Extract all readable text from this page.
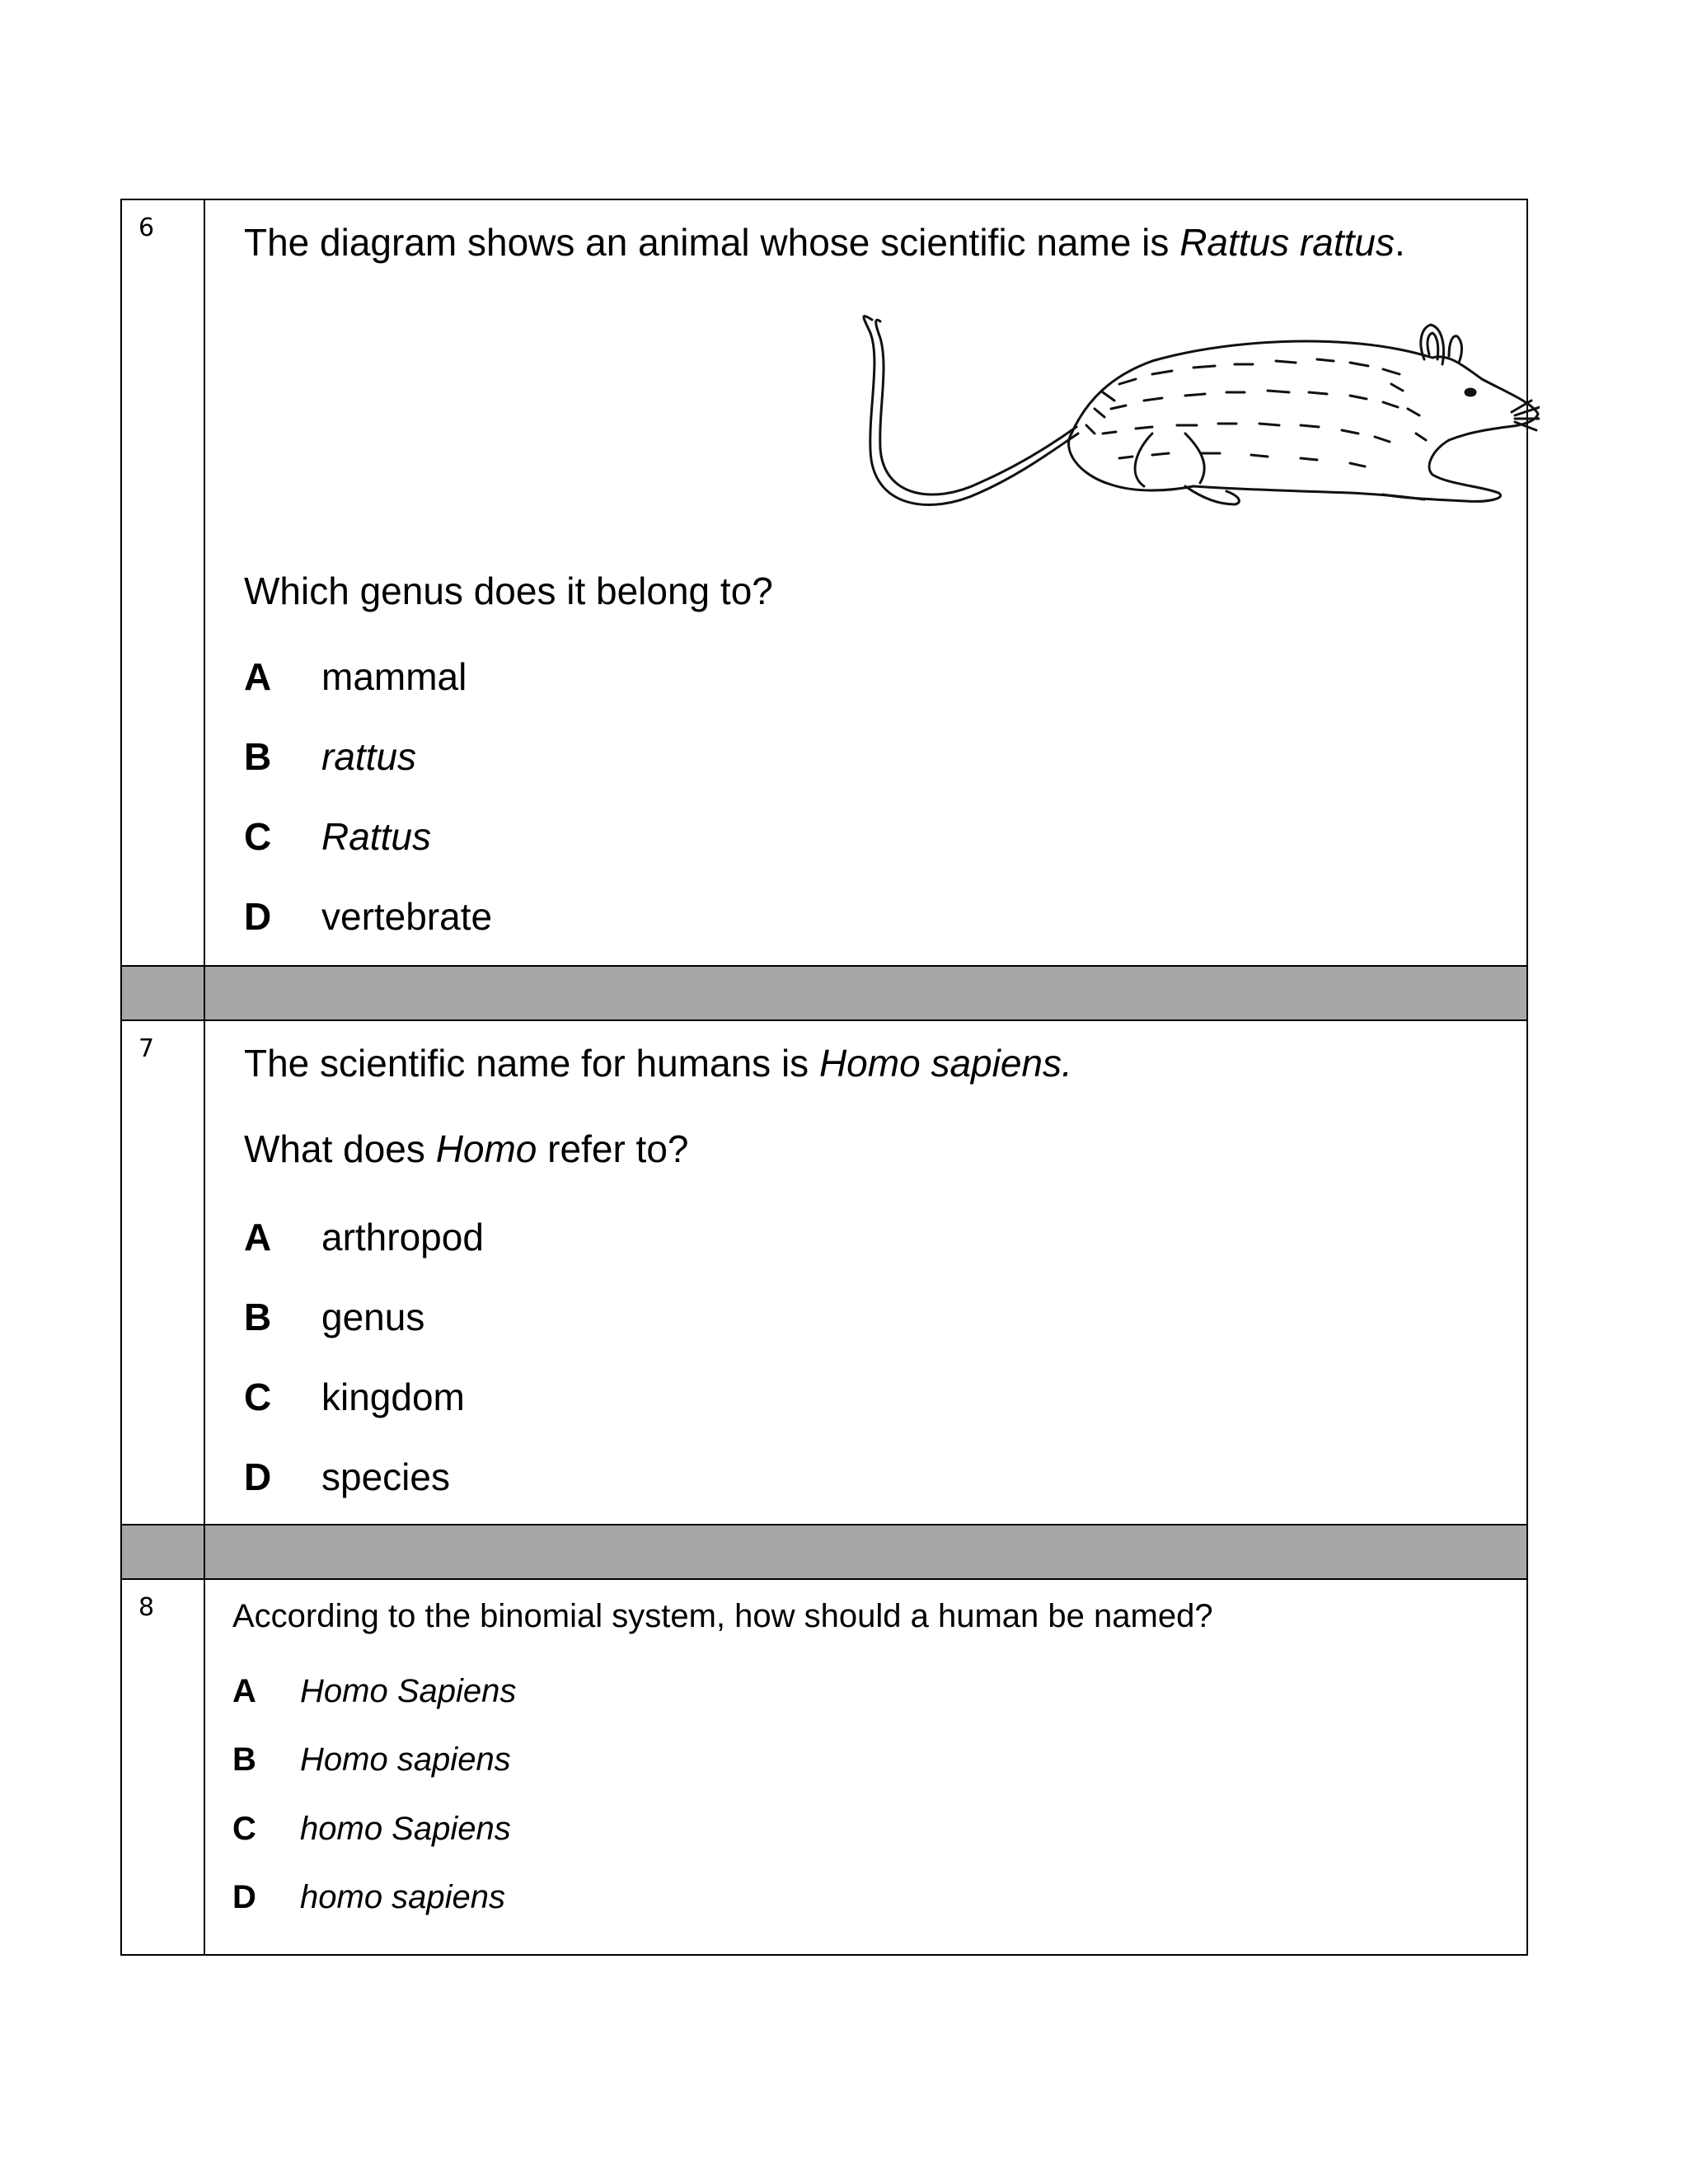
6 The diagram shows an animal whose scientific name is Rattus rattus.
Which genus does it belong to?
A mammal
B rattus
C Rattus
D vertebrate
7 The scientific name for humans is Homo sapiens.
What does Homo refer to?
A arthropod
B genus
C kingdom
D species
8 According to the binomial system, how should a human be named?
A Homo Sapiens
B Homo sapiens
C homo Sapiens
D homo sapiens
